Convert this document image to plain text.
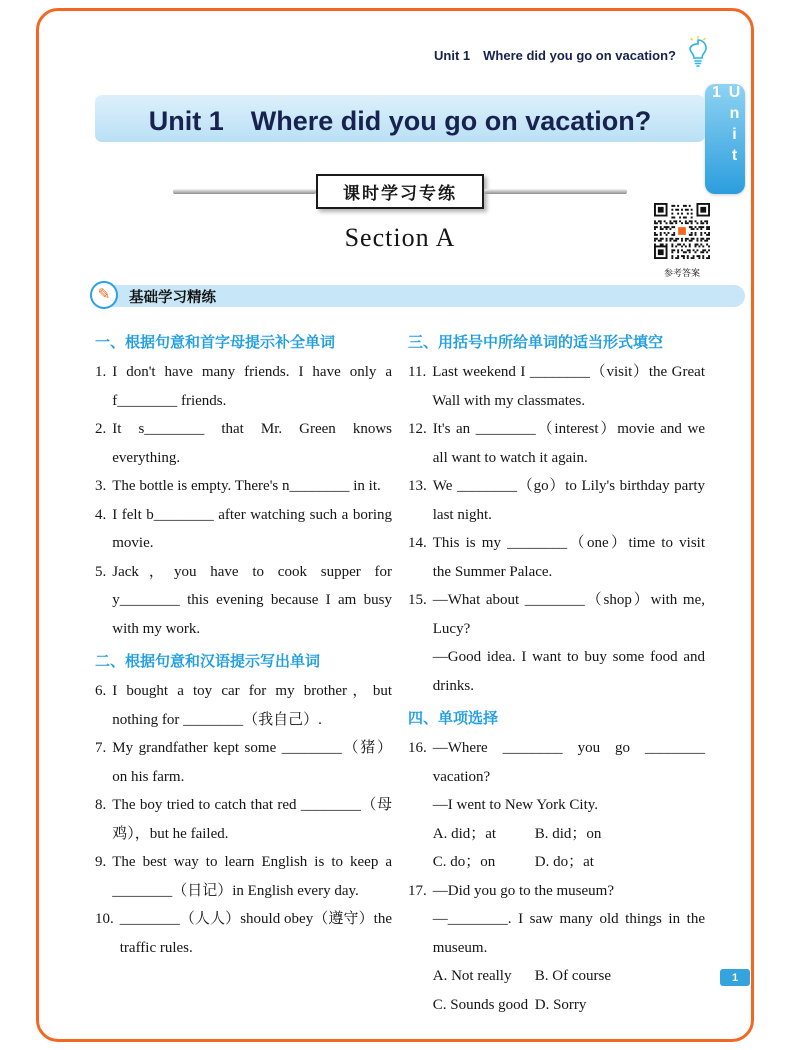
Unit 1　Where did you go on vacation?
Unit 1
Unit 1　Where did you go on vacation?
课时学习专练
Section A
参考答案
✎ 基础学习精练
一、根据句意和首字母提示补全单词
1. I don't have many friends. I have only a f________ friends.
2. It s________ that Mr. Green knows everything.
3. The bottle is empty. There's n________ in it.
4. I felt b________ after watching such a boring movie.
5. Jack，you have to cook supper for y________ this evening because I am busy with my work.
二、根据句意和汉语提示写出单词
6. I bought a toy car for my brother，but nothing for ________（我自己）.
7. My grandfather kept some ________（猪）on his farm.
8. The boy tried to catch that red ________（母鸡），but he failed.
9. The best way to learn English is to keep a ________（日记）in English every day.
10. ________（人人）should obey（遵守）the traffic rules.
三、用括号中所给单词的适当形式填空
11. Last weekend I ________（visit）the Great Wall with my classmates.
12. It's an ________（interest）movie and we all want to watch it again.
13. We ________（go）to Lily's birthday party last night.
14. This is my ________（one）time to visit the Summer Palace.
15. —What about ________（shop）with me, Lucy?
—Good idea. I want to buy some food and drinks.
四、单项选择
16. —Where ________ you go ________ vacation?
—I went to New York City.
A. did；at	B. did；on
C. do；on	D. do；at
17. —Did you go to the museum?
—________. I saw many old things in the museum.
A. Not really	B. Of course
C. Sounds good D. Sorry
1
